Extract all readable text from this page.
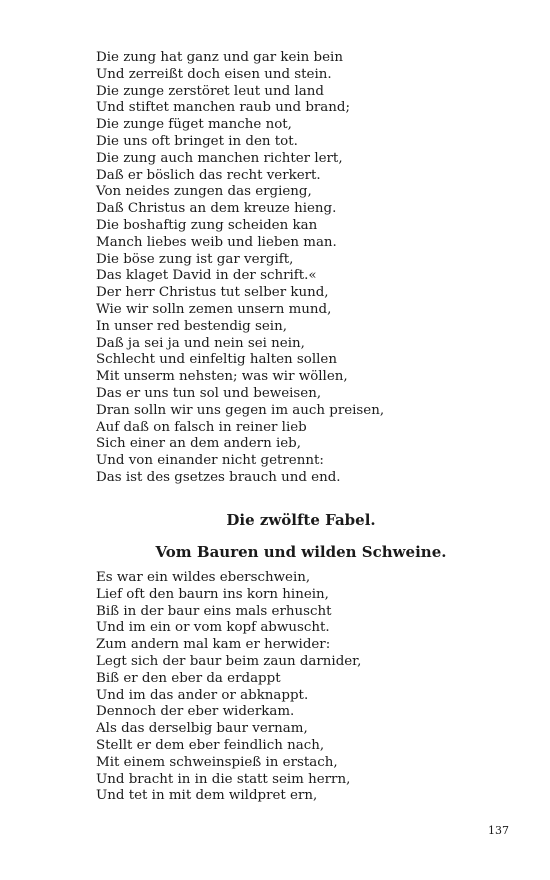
Die zung hat ganz und gar kein bein
Und zerreißt doch eisen und stein.
Die zunge zerstöret leut und land
Und stiftet manchen raub und brand;
Die zunge füget manche not,
Die uns oft bringet in den tot.
Die zung auch manchen richter lert,
Daß er böslich das recht verkert.
Von neides zungen das ergieng,
Daß Christus an dem kreuze hieng.
Die boshaftig zung scheiden kan
Manch liebes weib und lieben man.
Die böse zung ist gar vergift,
Das klaget David in der schrift.«
Der herr Christus tut selber kund,
Wie wir solln zemen unsern mund,
In unser red bestendig sein,
Daß ja sei ja und nein sei nein,
Schlecht und einfeltig halten sollen
Mit unserm nehsten; was wir wöllen,
Das er uns tun sol und beweisen,
Dran solln wir uns gegen im auch preisen,
Auf daß on falsch in reiner lieb
Sich einer an dem andern ieb,
Und von einander nicht getrennt:
Das ist des gsetzes brauch und end.
Die zwölfte Fabel.
Vom Bauren und wilden Schweine.
Es war ein wildes eberschwein,
Lief oft den baurn ins korn hinein,
Biß in der baur eins mals erhuscht
Und im ein or vom kopf abwuscht.
Zum andern mal kam er herwider:
Legt sich der baur beim zaun darnider,
Biß er den eber da erdappt
Und im das ander or abknappt.
Dennoch der eber widerkam.
Als das derselbig baur vernam,
Stellt er dem eber feindlich nach,
Mit einem schweinspieß in erstach,
Und bracht in in die statt seim herrn,
Und tet in mit dem wildpret ern,
137
